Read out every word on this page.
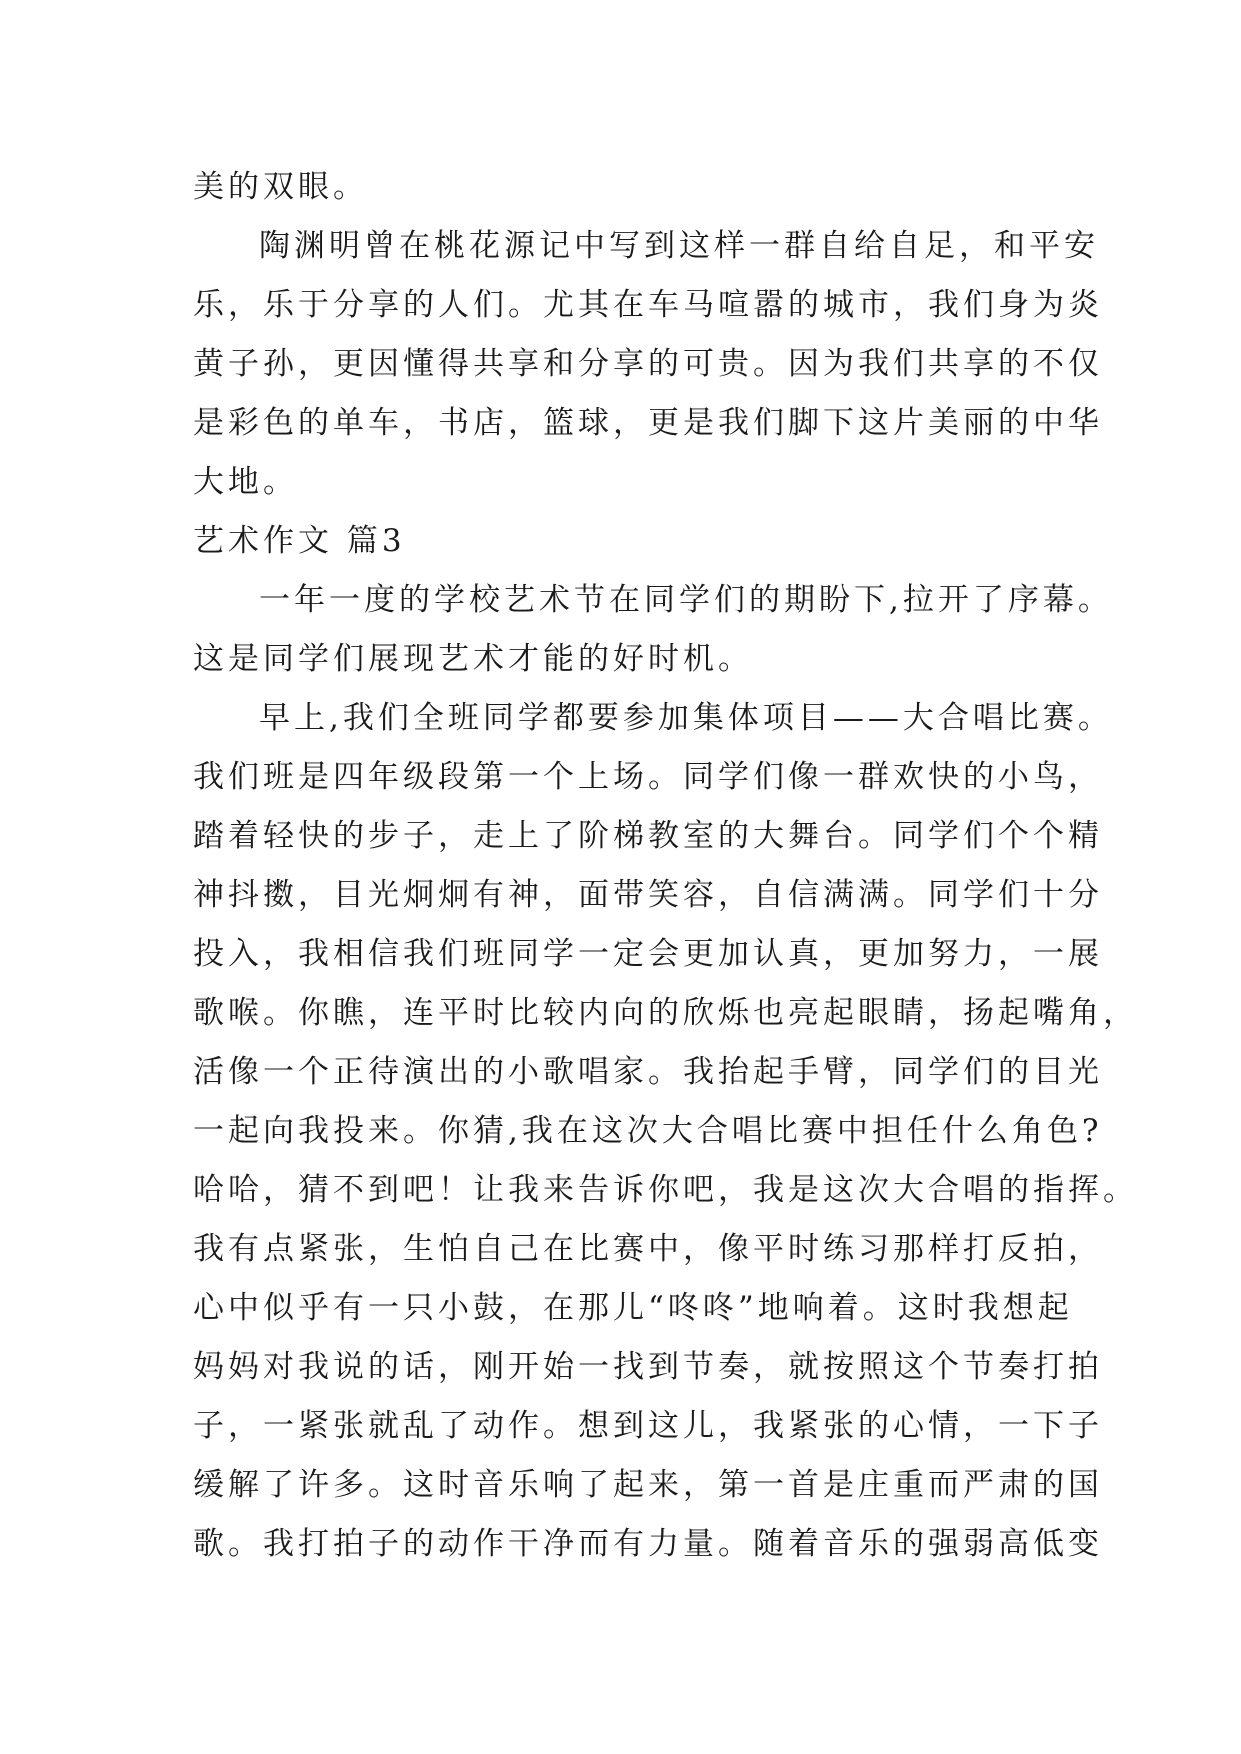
美的双眼。
陶渊明曾在桃花源记中写到这样一群自给自足，和平安
乐，乐于分享的人们。尤其在车马喧嚣的城市，我们身为炎
黄子孙，更因懂得共享和分享的可贵。因为我们共享的不仅
是彩色的单车，书店，篮球，更是我们脚下这片美丽的中华
大地。
艺术作文 篇3
一年一度的学校艺术节在同学们的期盼下,拉开了序幕。
这是同学们展现艺术才能的好时机。
早上,我们全班同学都要参加集体项目——大合唱比赛。
我们班是四年级段第一个上场。同学们像一群欢快的小鸟，
踏着轻快的步子，走上了阶梯教室的大舞台。同学们个个精
神抖擞，目光炯炯有神，面带笑容，自信满满。同学们十分
投入，我相信我们班同学一定会更加认真，更加努力，一展
歌喉。你瞧，连平时比较内向的欣烁也亮起眼睛，扬起嘴角，
活像一个正待演出的小歌唱家。我抬起手臂，同学们的目光
一起向我投来。你猜,我在这次大合唱比赛中担任什么角色?
哈哈，猜不到吧！让我来告诉你吧，我是这次大合唱的指挥。
我有点紧张，生怕自己在比赛中，像平时练习那样打反拍，
心中似乎有一只小鼓，在那儿“咚咚”地响着。这时我想起
妈妈对我说的话，刚开始一找到节奏，就按照这个节奏打拍
子，一紧张就乱了动作。想到这儿，我紧张的心情，一下子
缓解了许多。这时音乐响了起来，第一首是庄重而严肃的国
歌。我打拍子的动作干净而有力量。随着音乐的强弱高低变
